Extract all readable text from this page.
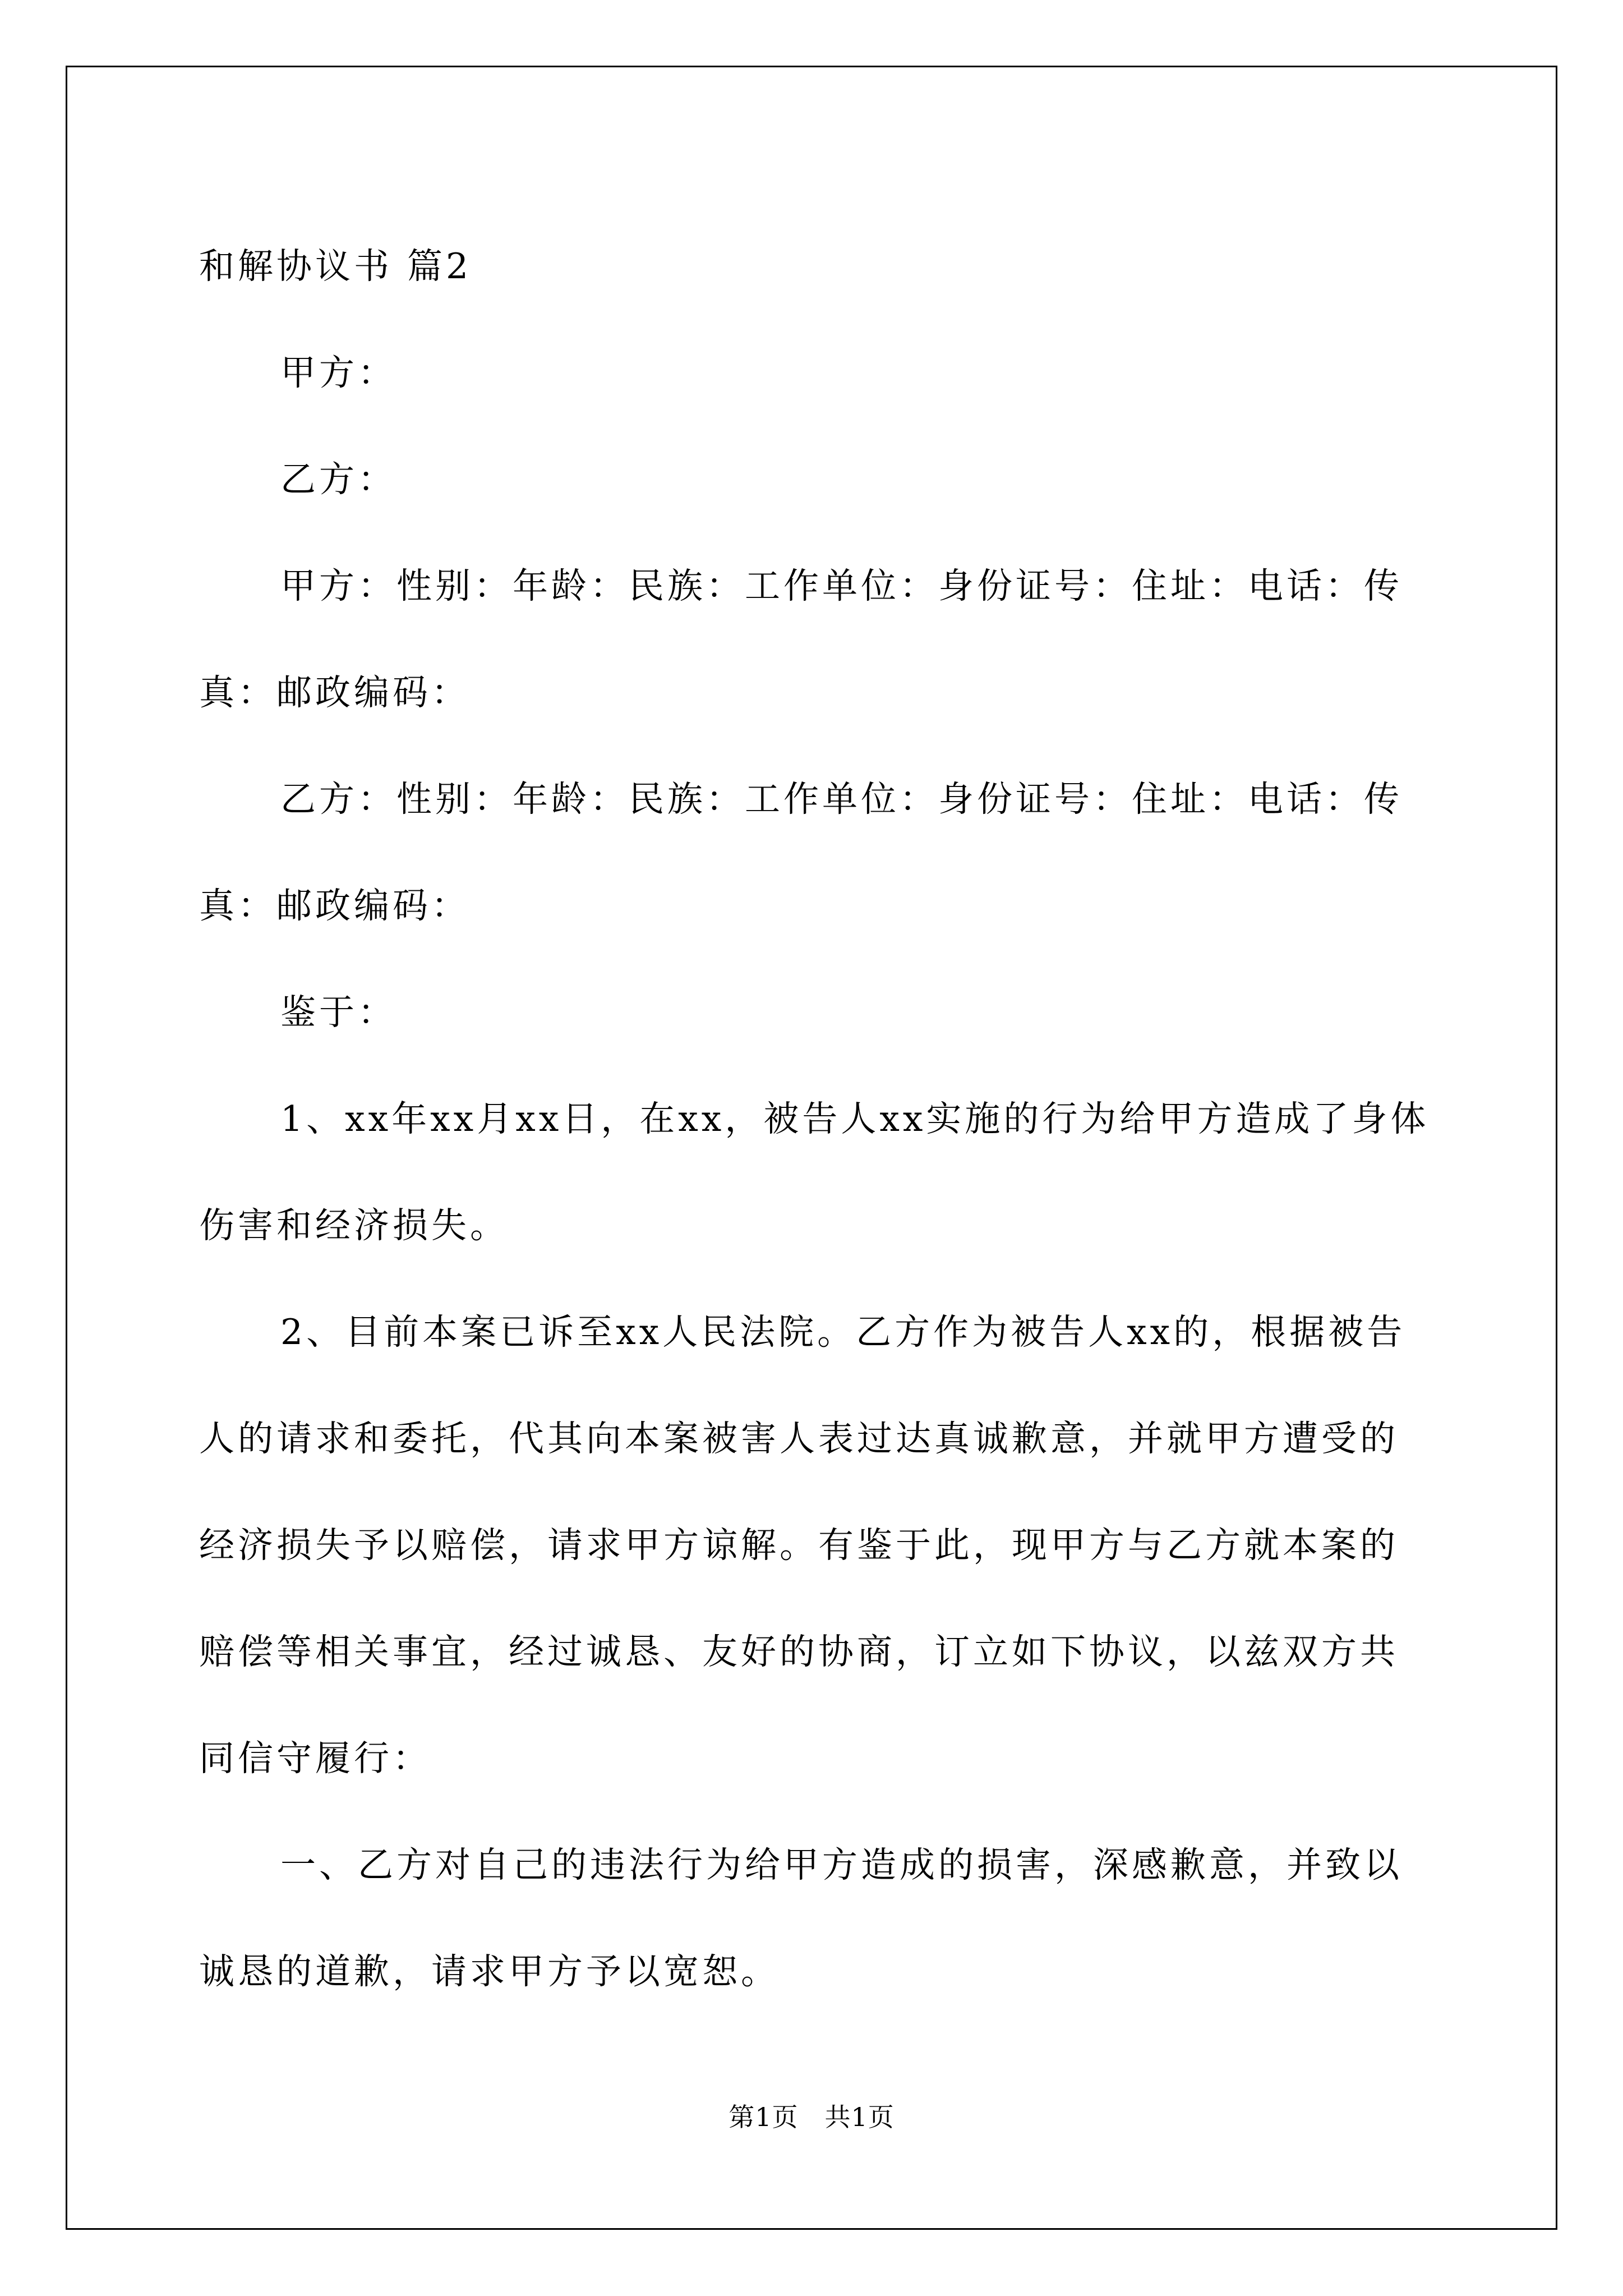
和解协议书 篇2

甲方：

乙方：

甲方：性别：年龄：民族：工作单位：身份证号：住址：电话：传真：邮政编码：

乙方：性别：年龄：民族：工作单位：身份证号：住址：电话：传真：邮政编码：

鉴于：

1、xx年xx月xx日，在xx，被告人xx实施的行为给甲方造成了身体伤害和经济损失。

2、目前本案已诉至xx人民法院。乙方作为被告人xx的，根据被告人的请求和委托，代其向本案被害人表过达真诚歉意，并就甲方遭受的经济损失予以赔偿，请求甲方谅解。有鉴于此，现甲方与乙方就本案的赔偿等相关事宜，经过诚恳、友好的协商，订立如下协议，以兹双方共同信守履行：

一、乙方对自己的违法行为给甲方造成的损害，深感歉意，并致以诚恳的道歉，请求甲方予以宽恕。

第1页　共1页
